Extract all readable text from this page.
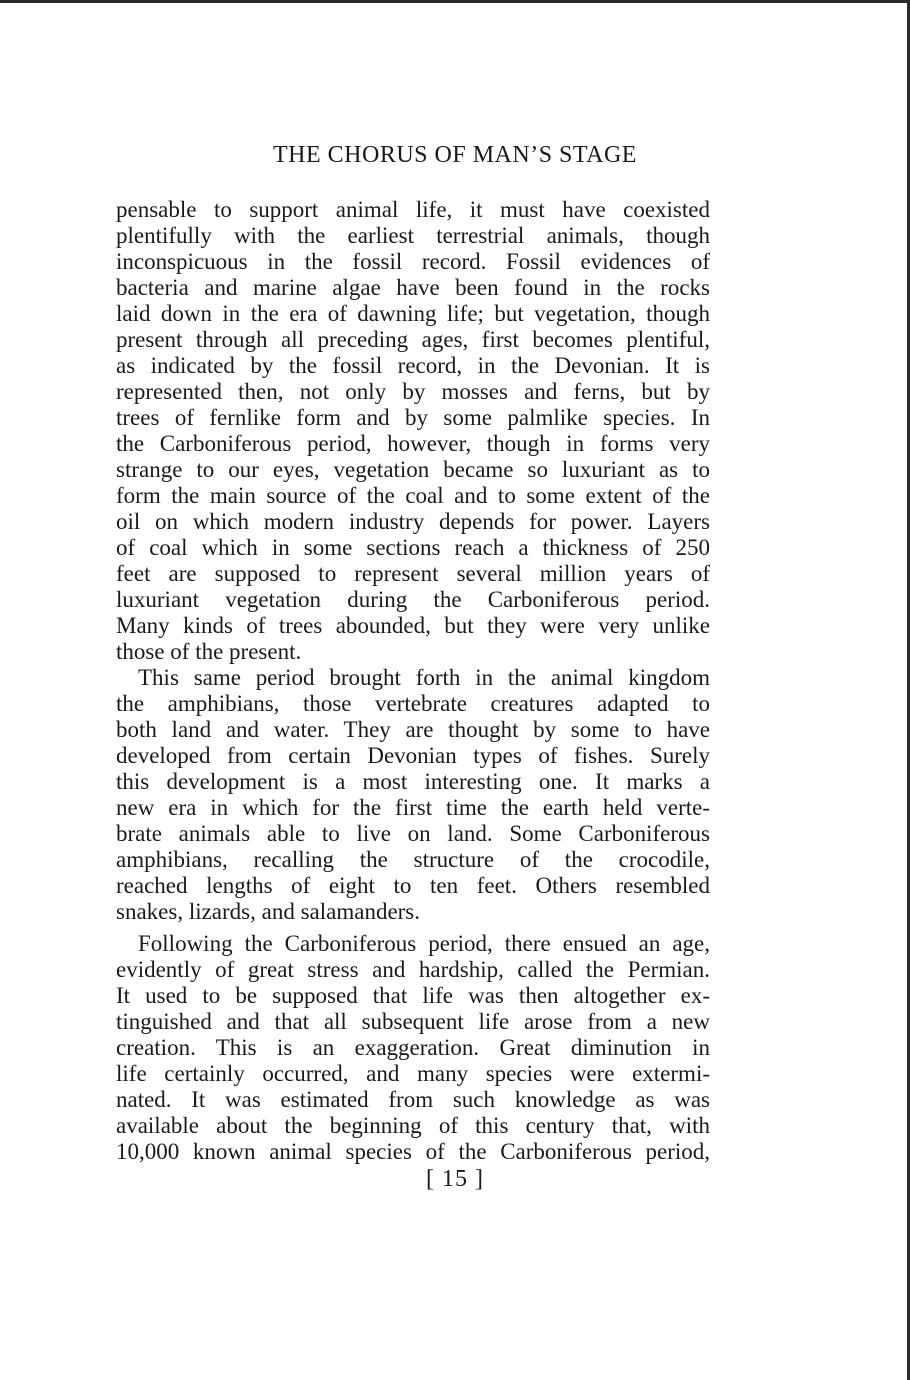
THE CHORUS OF MAN’S STAGE
pensable to support animal life, it must have coexisted
plentifully with the earliest terrestrial animals, though
inconspicuous in the fossil record. Fossil evidences of
bacteria and marine algae have been found in the rocks
laid down in the era of dawning life; but vegetation, though
present through all preceding ages, first becomes plentiful,
as indicated by the fossil record, in the Devonian. It is
represented then, not only by mosses and ferns, but by
trees of fernlike form and by some palmlike species. In
the Carboniferous period, however, though in forms very
strange to our eyes, vegetation became so luxuriant as to
form the main source of the coal and to some extent of the
oil on which modern industry depends for power. Layers
of coal which in some sections reach a thickness of 250
feet are supposed to represent several million years of
luxuriant vegetation during the Carboniferous period.
Many kinds of trees abounded, but they were very unlike
those of the present.
This same period brought forth in the animal kingdom
the amphibians, those vertebrate creatures adapted to
both land and water. They are thought by some to have
developed from certain Devonian types of fishes. Surely
this development is a most interesting one. It marks a
new era in which for the first time the earth held verte-
brate animals able to live on land. Some Carboniferous
amphibians, recalling the structure of the crocodile,
reached lengths of eight to ten feet. Others resembled
snakes, lizards, and salamanders.
Following the Carboniferous period, there ensued an age,
evidently of great stress and hardship, called the Permian.
It used to be supposed that life was then altogether ex-
tinguished and that all subsequent life arose from a new
creation. This is an exaggeration. Great diminution in
life certainly occurred, and many species were extermi-
nated. It was estimated from such knowledge as was
available about the beginning of this century that, with
10,000 known animal species of the Carboniferous period,
[ 15 ]
